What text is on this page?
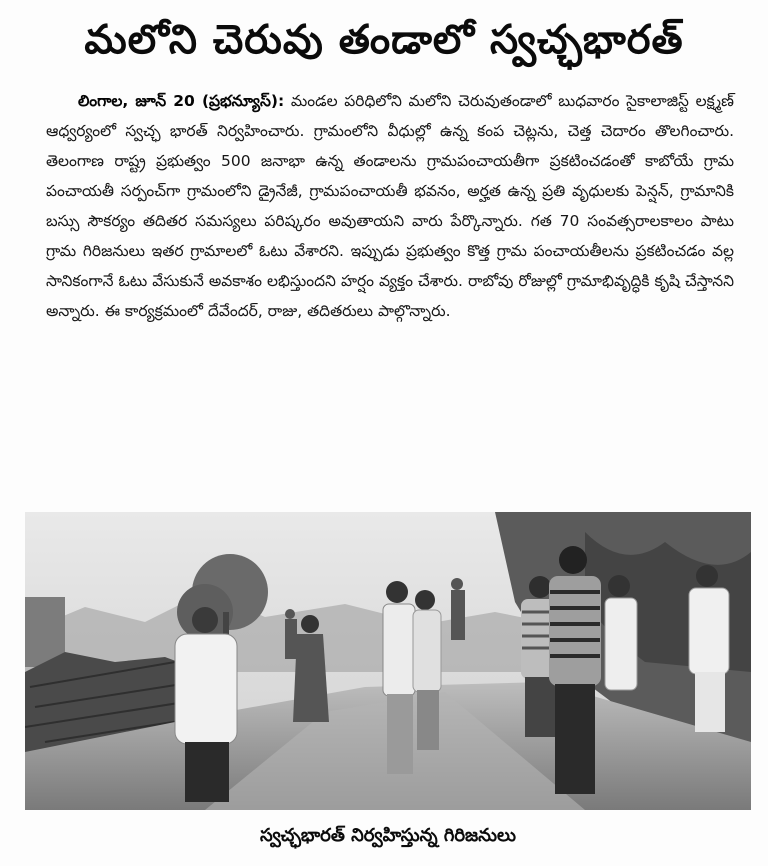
మలోని చెరువు తండాలో స్వచ్ఛభారత్
లింగాల, జూన్ 20 (ప్రభన్యూస్): మండల పరిధిలోని మలోని చెరువుతండాలో బుధవారం సైకాలాజిస్ట్ లక్ష్మణ్ ఆధ్వర్యంలో స్వచ్ఛ భారత్ నిర్వహించారు. గ్రామంలోని వీధుల్లో ఉన్న కంప చెట్లను, చెత్త చెదారం తొలగించారు. తెలంగాణ రాష్ట్ర ప్రభుత్వం 500 జనాభా ఉన్న తండాలను గ్రామపంచాయతీగా ప్రకటించడంతో కాబోయే గ్రామ పంచాయతీ సర్పంచ్‌గా గ్రామంలోని డ్రైనేజీ, గ్రామపంచాయతీ భవనం, అర్హత ఉన్న ప్రతి వృధులకు పెన్షన్, గ్రామానికి బస్సు సౌకర్యం తదితర సమస్యలు పరిష్కరం అవుతాయని వారు పేర్కొన్నారు. గత 70 సంవత్సరాలకాలం పాటు గ్రామ గిరిజనులు ఇతర గ్రామాలలో ఓటు వేశారని. ఇప్పుడు ప్రభుత్వం కొత్త గ్రామ పంచాయతీలను ప్రకటించడం వల్ల సానికంగానే ఓటు వేసుకునే అవకాశం లభిస్తుందని హర్షం వ్యక్తం చేశారు. రాబోవు రోజుల్లో గ్రామాభివృద్ధికి కృషి చేస్తానని అన్నారు. ఈ కార్యక్రమంలో దేవేందర్, రాజు, తదితరులు పాల్గొన్నారు.
స్వచ్ఛభారత్ నిర్వహిస్తున్న గిరిజనులు
